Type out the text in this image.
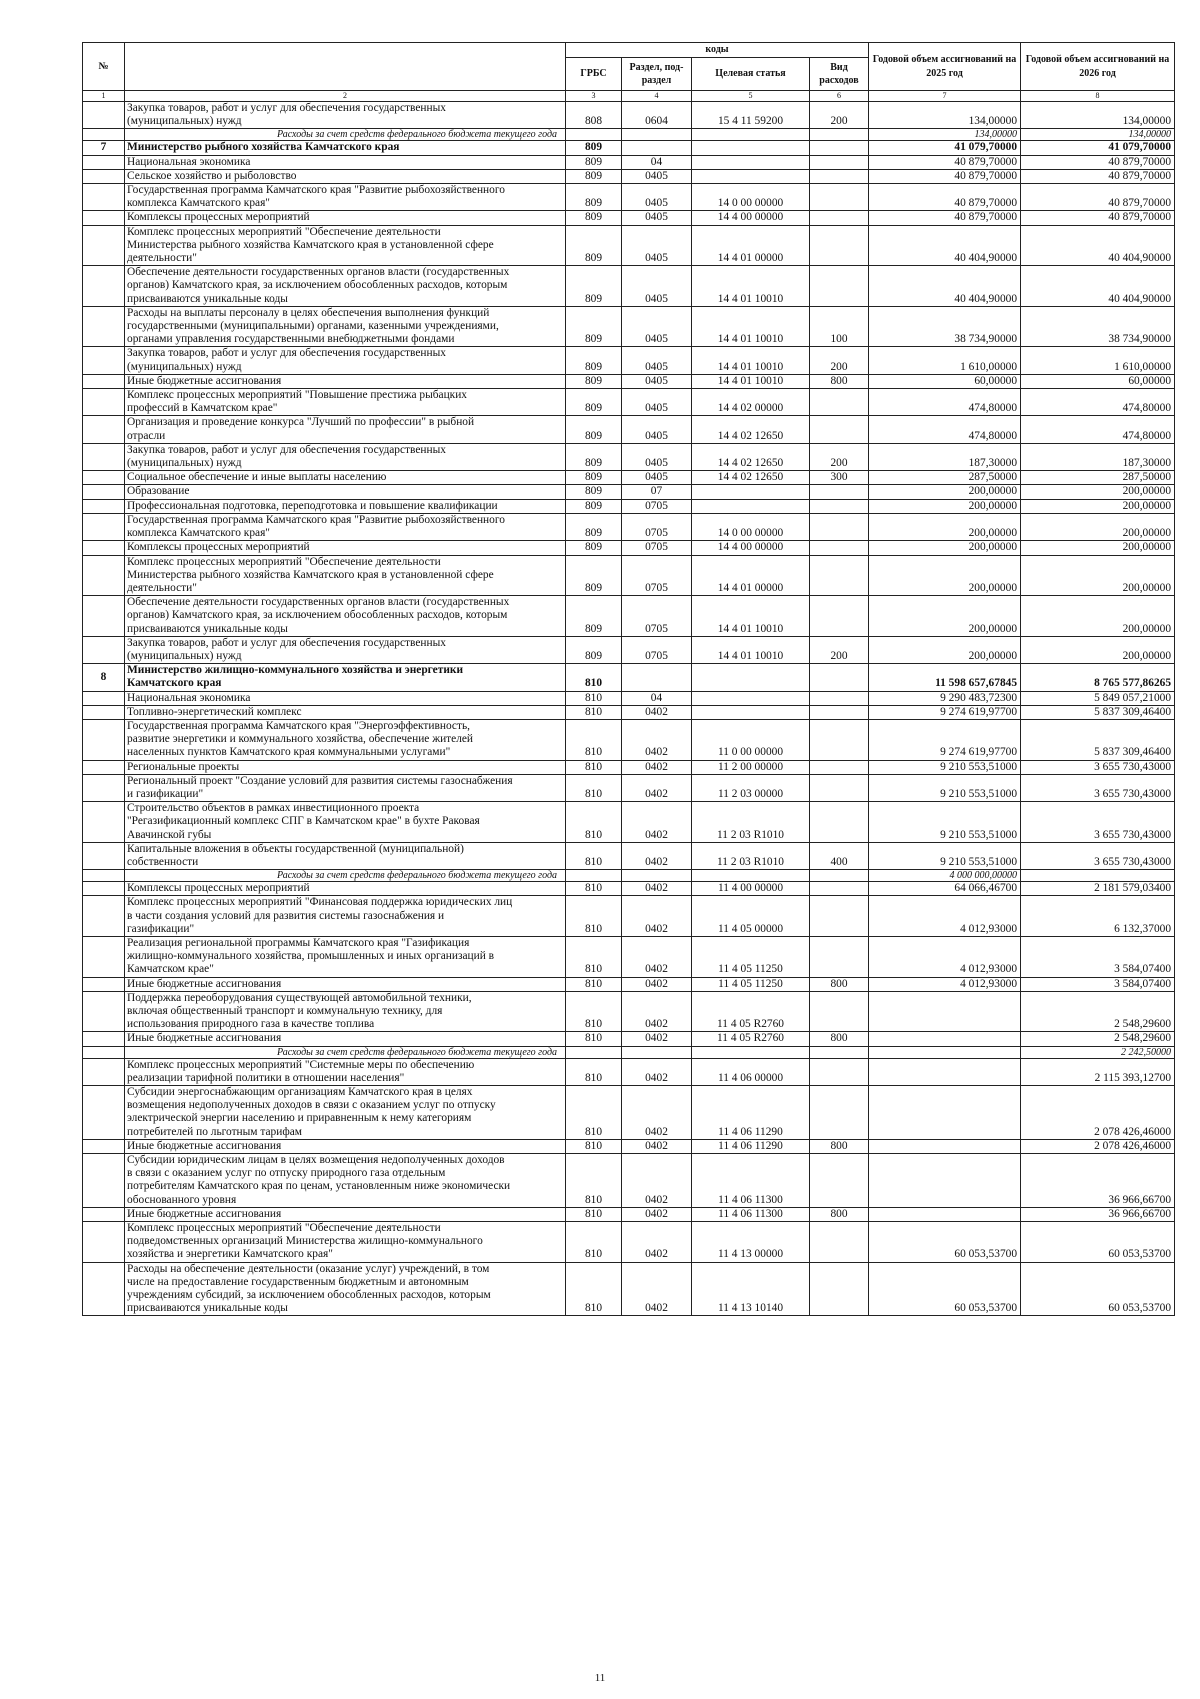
№		коды				Годовой объем ассигнований на 2025 год	Годовой объем ассигнований на 2026 год
		ГРБС	Раздел, под-раздел	Целевая статья	Вид расходов		
1	2	3	4	5	6	7	8

	Закупка товаров, работ и услуг для обеспечения государственных
(муниципальных) нужд	808	0604	15 4 11 59200	200	134,00000	134,00000

	Расходы за счет средств федерального бюджета текущего года					134,00000	134,00000
7	Министерство рыбного хозяйства Камчатского края	809				41 079,70000	41 079,70000

	Национальная экономика	809	04			40 879,70000	40 879,70000

	Сельское хозяйство и рыболовство	809	0405			40 879,70000	40 879,70000

	Государственная программа Камчатского края "Развитие рыбохозяйственного
комплекса Камчатского края"	809	0405	14 0 00 00000		40 879,70000	40 879,70000

	Комплексы процессных мероприятий	809	0405	14 4 00 00000		40 879,70000	40 879,70000

	Комплекс процессных мероприятий "Обеспечение деятельности
Министерства рыбного хозяйства Камчатского края в установленной сфере
деятельности"	809	0405	14 4 01 00000		40 404,90000	40 404,90000

	Обеспечение деятельности государственных органов власти (государственных
органов) Камчатского края, за исключением обособленных расходов, которым
присваиваются уникальные коды	809	0405	14 4 01 10010		40 404,90000	40 404,90000

	Расходы на выплаты персоналу в целях обеспечения выполнения функций
государственными (муниципальными) органами, казенными учреждениями,
органами управления государственными внебюджетными фондами	809	0405	14 4 01 10010	100	38 734,90000	38 734,90000

	Закупка товаров, работ и услуг для обеспечения государственных
(муниципальных) нужд	809	0405	14 4 01 10010	200	1 610,00000	1 610,00000

	Иные бюджетные ассигнования	809	0405	14 4 01 10010	800	60,00000	60,00000

	Комплекс процессных мероприятий "Повышение престижа рыбацких
профессий в Камчатском крае"	809	0405	14 4 02 00000		474,80000	474,80000

	Организация и проведение конкурса "Лучший по профессии" в рыбной
отрасли	809	0405	14 4 02 12650		474,80000	474,80000

	Закупка товаров, работ и услуг для обеспечения государственных
(муниципальных) нужд	809	0405	14 4 02 12650	200	187,30000	187,30000

	Социальное обеспечение и иные выплаты населению	809	0405	14 4 02 12650	300	287,50000	287,50000

	Образование	809	07			200,00000	200,00000

	Профессиональная подготовка, переподготовка и повышение квалификации	809	0705			200,00000	200,00000

	Государственная программа Камчатского края "Развитие рыбохозяйственного
комплекса Камчатского края"	809	0705	14 0 00 00000		200,00000	200,00000

	Комплексы процессных мероприятий	809	0705	14 4 00 00000		200,00000	200,00000

	Комплекс процессных мероприятий "Обеспечение деятельности
Министерства рыбного хозяйства Камчатского края в установленной сфере
деятельности"	809	0705	14 4 01 00000		200,00000	200,00000

	Обеспечение деятельности государственных органов власти (государственных
органов) Камчатского края, за исключением обособленных расходов, которым
присваиваются уникальные коды	809	0705	14 4 01 10010		200,00000	200,00000

	Закупка товаров, работ и услуг для обеспечения государственных
(муниципальных) нужд	809	0705	14 4 01 10010	200	200,00000	200,00000
8	Министерство жилищно-коммунального хозяйства и энергетики
Камчатского края	810				11 598 657,67845	8 765 577,86265

	Национальная экономика	810	04			9 290 483,72300	5 849 057,21000

	Топливно-энергетический комплекс	810	0402			9 274 619,97700	5 837 309,46400

	Государственная программа Камчатского края "Энергоэффективность,
развитие энергетики и коммунального хозяйства, обеспечение жителей
населенных пунктов Камчатского края коммунальными услугами"	810	0402	11 0 00 00000		9 274 619,97700	5 837 309,46400

	Региональные проекты	810	0402	11 2 00 00000		9 210 553,51000	3 655 730,43000

	Региональный проект "Создание условий для развития системы газоснабжения
и газификации"	810	0402	11 2 03 00000		9 210 553,51000	3 655 730,43000

	Строительство объектов в рамках инвестиционного проекта
"Регазификационный комплекс СПГ в Камчатском крае" в бухте Раковая
Авачинской губы	810	0402	11 2 03 R1010		9 210 553,51000	3 655 730,43000

	Капитальные вложения в объекты государственной (муниципальной)
собственности	810	0402	11 2 03 R1010	400	9 210 553,51000	3 655 730,43000

	Расходы за счет средств федерального бюджета текущего года					4 000 000,00000	

	Комплексы процессных мероприятий	810	0402	11 4 00 00000		64 066,46700	2 181 579,03400

	Комплекс процессных мероприятий "Финансовая поддержка юридических лиц
в части создания условий для развития системы газоснабжения и
газификации"	810	0402	11 4 05 00000		4 012,93000	6 132,37000

	Реализация региональной программы Камчатского края "Газификация
жилищно-коммунального хозяйства, промышленных и иных организаций в
Камчатском крае"	810	0402	11 4 05 11250		4 012,93000	3 584,07400

	Иные бюджетные ассигнования	810	0402	11 4 05 11250	800	4 012,93000	3 584,07400

	Поддержка переоборудования существующей автомобильной техники,
включая общественный транспорт и коммунальную технику, для
использования природного газа в качестве топлива	810	0402	11 4 05 R2760			2 548,29600

	Иные бюджетные ассигнования	810	0402	11 4 05 R2760	800		2 548,29600

	Расходы за счет средств федерального бюджета текущего года						2 242,50000

	Комплекс процессных мероприятий "Системные меры по обеспечению
реализации тарифной политики в отношении населения"	810	0402	11 4 06 00000			2 115 393,12700

	Субсидии энергоснабжающим организациям Камчатского края в целях
возмещения недополученных доходов в связи с оказанием услуг по отпуску
электрической энергии населению и приравненным к нему категориям
потребителей по льготным тарифам	810	0402	11 4 06 11290			2 078 426,46000

	Иные бюджетные ассигнования	810	0402	11 4 06 11290	800		2 078 426,46000

	Субсидии юридическим лицам в целях возмещения недополученных доходов
в связи с оказанием услуг по отпуску природного газа отдельным
потребителям Камчатского края по ценам, установленным ниже экономически
обоснованного уровня	810	0402	11 4 06 11300			36 966,66700

	Иные бюджетные ассигнования	810	0402	11 4 06 11300	800		36 966,66700

	Комплекс процессных мероприятий "Обеспечение деятельности
подведомственных организаций Министерства жилищно-коммунального
хозяйства и энергетики Камчатского края"	810	0402	11 4 13 00000		60 053,53700	60 053,53700

	Расходы на обеспечение деятельности (оказание услуг) учреждений, в том
числе на предоставление государственным бюджетным и автономным
учреждениям субсидий, за исключением обособленных расходов, которым
присваиваются уникальные коды	810	0402	11 4 13 10140		60 053,53700	60 053,53700
11
